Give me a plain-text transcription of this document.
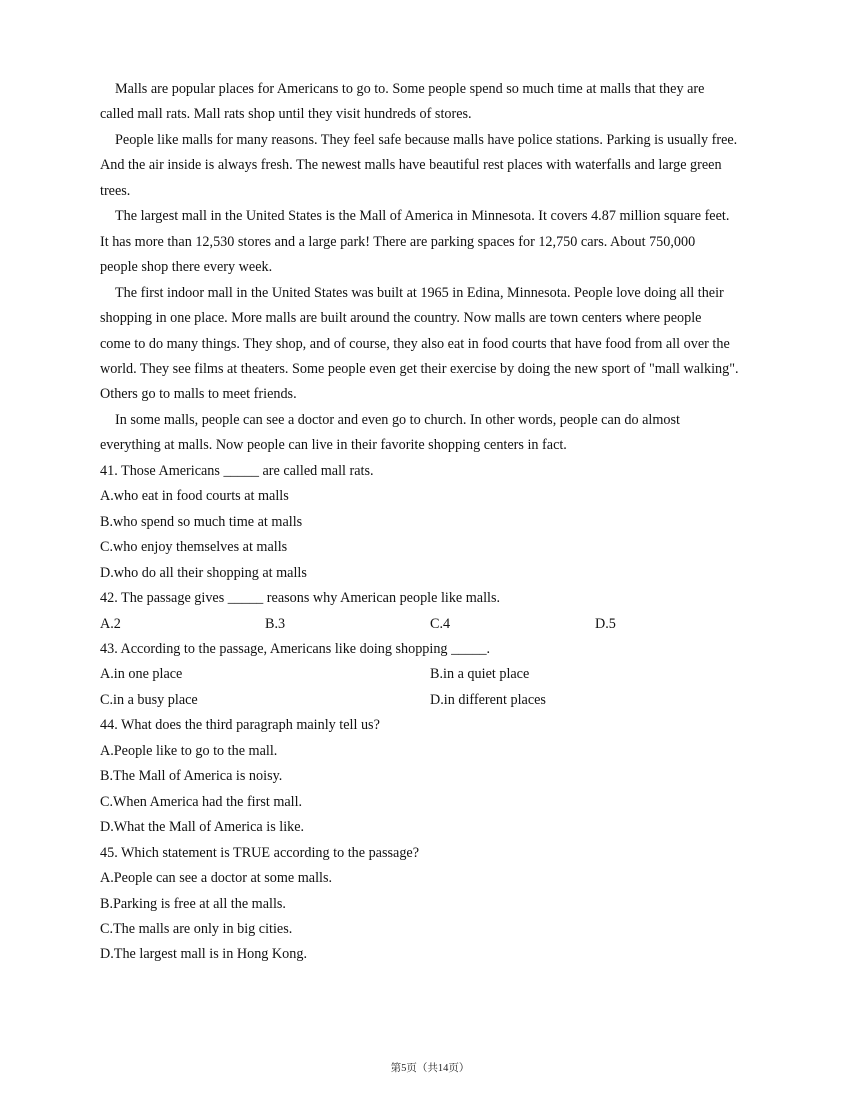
Malls are popular places for Americans to go to. Some people spend so much time at malls that they are
called mall rats. Mall rats shop until they visit hundreds of stores.
People like malls for many reasons. They feel safe because malls have police stations. Parking is usually free.
And the air inside is always fresh. The newest malls have beautiful rest places with waterfalls and large green
trees.
The largest mall in the United States is the Mall of America in Minnesota. It covers 4.87 million square feet.
It has more than 12,530 stores and a large park! There are parking spaces for 12,750 cars. About 750,000
people shop there every week.
The first indoor mall in the United States was built at 1965 in Edina, Minnesota. People love doing all their
shopping in one place. More malls are built around the country. Now malls are town centers where people
come to do many things. They shop, and of course, they also eat in food courts that have food from all over the
world. They see films at theaters. Some people even get their exercise by doing the new sport of "mall walking".
Others go to malls to meet friends.
In some malls, people can see a doctor and even go to church. In other words, people can do almost
everything at malls. Now people can live in their favorite shopping centers in fact.
41. Those Americans _____ are called mall rats.
A.who eat in food courts at malls
B.who spend so much time at malls
C.who enjoy themselves at malls
D.who do all their shopping at malls
42. The passage gives _____ reasons why American people like malls.
A.2	B.3	C.4	D.5
43. According to the passage, Americans like doing shopping _____.
A.in one place	B.in a quiet place
C.in a busy place	D.in different places
44. What does the third paragraph mainly tell us?
A.People like to go to the mall.
B.The Mall of America is noisy.
C.When America had the first mall.
D.What the Mall of America is like.
45. Which statement is TRUE according to the passage?
A.People can see a doctor at some malls.
B.Parking is free at all the malls.
C.The malls are only in big cities.
D.The largest mall is in Hong Kong.
第5页（共14页）
